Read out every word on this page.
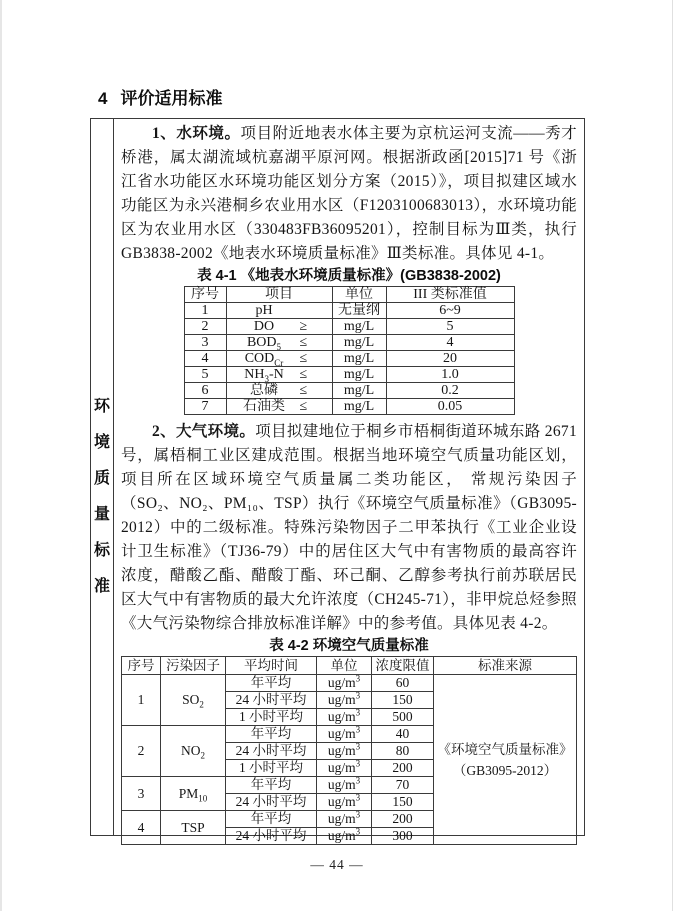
4 评价适用标准
环
境
质
量
标
准

1、水环境。项目附近地表水体主要为京杭运河支流——秀才桥港，属太湖流域杭嘉湖平原河网。根据浙政函[2015]71 号《浙江省水功能区水环境功能区划分方案（2015）》，项目拟建区域水功能区为永兴港桐乡农业用水区（F1203100683013），水环境功能区为农业用水区（330483FB36095201），控制目标为Ⅲ类，执行 GB3838-2002《地表水环境质量标准》Ⅲ类标准。具体见 4-1。

表 4-1 《地表水环境质量标准》(GB3838-2002)
序号	项目	单位	III 类标准值
1	pH	无量纲	6~9
2	DO ≥	mg/L	5
3	$BOD_5$ ≤	mg/L	4
4	$COD_{Cr}$ ≤	mg/L	20
5	$NH_3-N$ ≤	mg/L	1.0
6	总磷 ≤	mg/L	0.2
7	石油类 ≤	mg/L	0.05

2、大气环境。项目拟建地位于桐乡市梧桐街道环城东路 2671 号，属梧桐工业区建成范围。根据当地环境空气质量功能区划，项目所在区域环境空气质量属二类功能区， 常规污染因子（SO₂、NO₂、PM₁₀、TSP）执行《环境空气质量标准》（GB3095-2012）中的二级标准。特殊污染物因子二甲苯执行《工业企业设计卫生标准》（TJ36-79）中的居住区大气中有害物质的最高容许浓度，醋酸乙酯、醋酸丁酯、环己酮、乙醇参考执行前苏联居民区大气中有害物质的最大允许浓度（CH245-71），非甲烷总烃参照《大气污染物综合排放标准详解》中的参考值。具体见表 4-2。

表 4-2 环境空气质量标准
序号	污染因子	平均时间	单位	浓度限值	标准来源
1	$SO_2$	年平均	$ug/m^3$	60	《环境空气质量标准》
（GB3095-2012）

		24 小时平均	$ug/m^3$	150	
		1 小时平均	$ug/m^3$	500	
2	$NO_2$	年平均	$ug/m^3$	40	
		24 小时平均	$ug/m^3$	80	
		1 小时平均	$ug/m^3$	200	
3	$PM_{10}$	年平均	$ug/m^3$	70	
		24 小时平均	$ug/m^3$	150	
4	TSP	年平均	$ug/m^3$	200	
		24 小时平均	$ug/m^3$	300	
— 44 —
